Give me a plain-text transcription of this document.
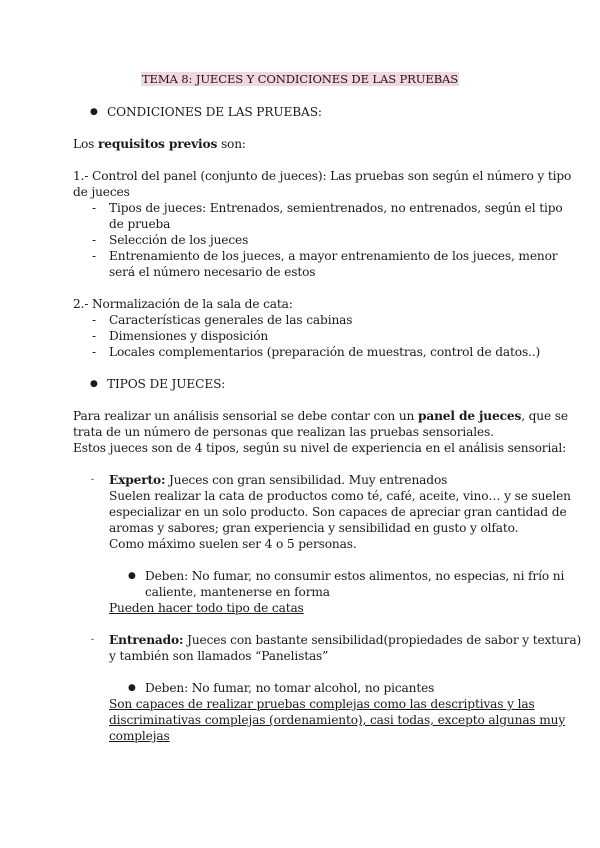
TEMA 8: JUECES Y CONDICIONES DE LAS PRUEBAS
● CONDICIONES DE LAS PRUEBAS:
Los requisitos previos son:
1.- Control del panel (conjunto de jueces): Las pruebas son según el número y tipo
de jueces
- Tipos de jueces: Entrenados, semientrenados, no entrenados, según el tipo
de prueba
- Selección de los jueces
- Entrenamiento de los jueces, a mayor entrenamiento de los jueces, menor
será el número necesario de estos
2.- Normalización de la sala de cata:
- Características generales de las cabinas
- Dimensiones y disposición
- Locales complementarios (preparación de muestras, control de datos..)
● TIPOS DE JUECES:
Para realizar un análisis sensorial se debe contar con un panel de jueces, que se
trata de un número de personas que realizan las pruebas sensoriales.
Estos jueces son de 4 tipos, según su nivel de experiencia en el análisis sensorial:
- Experto: Jueces con gran sensibilidad. Muy entrenados
Suelen realizar la cata de productos como té, café, aceite, vino… y se suelen
especializar en un solo producto. Son capaces de apreciar gran cantidad de
aromas y sabores; gran experiencia y sensibilidad en gusto y olfato.
Como máximo suelen ser 4 o 5 personas.
● Deben: No fumar, no consumir estos alimentos, no especias, ni frío ni
caliente, mantenerse en forma
Pueden hacer todo tipo de catas
- Entrenado: Jueces con bastante sensibilidad(propiedades de sabor y textura)
y también son llamados “Panelistas”
● Deben: No fumar, no tomar alcohol, no picantes
Son capaces de realizar pruebas complejas como las descriptivas y las
discriminativas complejas (ordenamiento), casi todas, excepto algunas muy
complejas
